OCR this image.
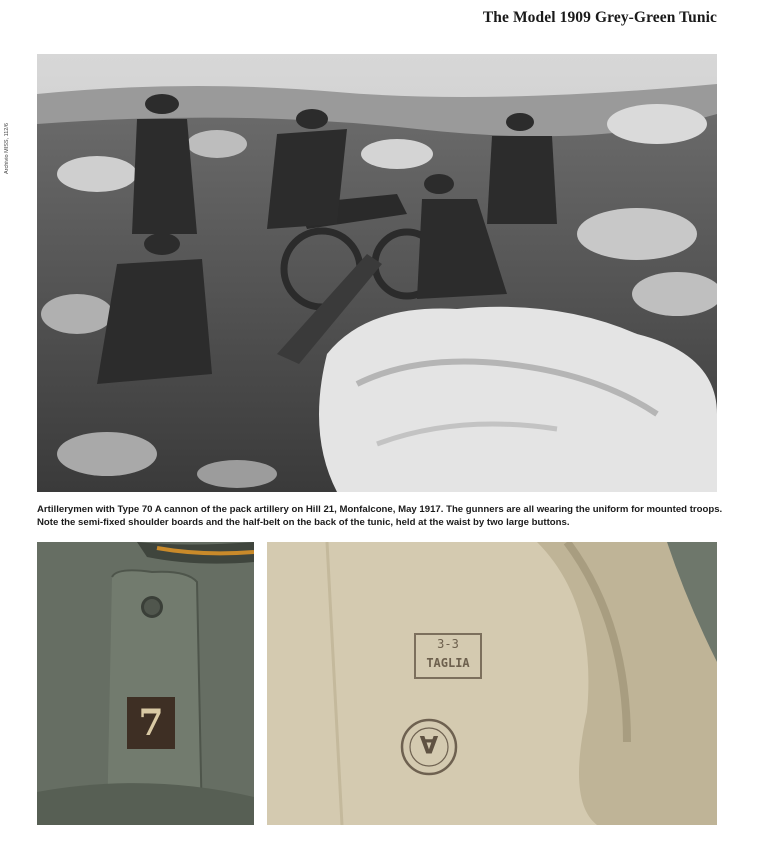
The Model 1909 Grey-Green Tunic
Archivio MISS, 112/6
Artillerymen with Type 70 A cannon of the pack artillery on Hill 21, Monfalcone, May 1917. The gunners are all wearing the uniform for mounted troops. Note the semi-fixed shoulder boards and the half-belt on the back of the tunic, held at the waist by two large buttons.
7
3-3
TAGLIA
A
